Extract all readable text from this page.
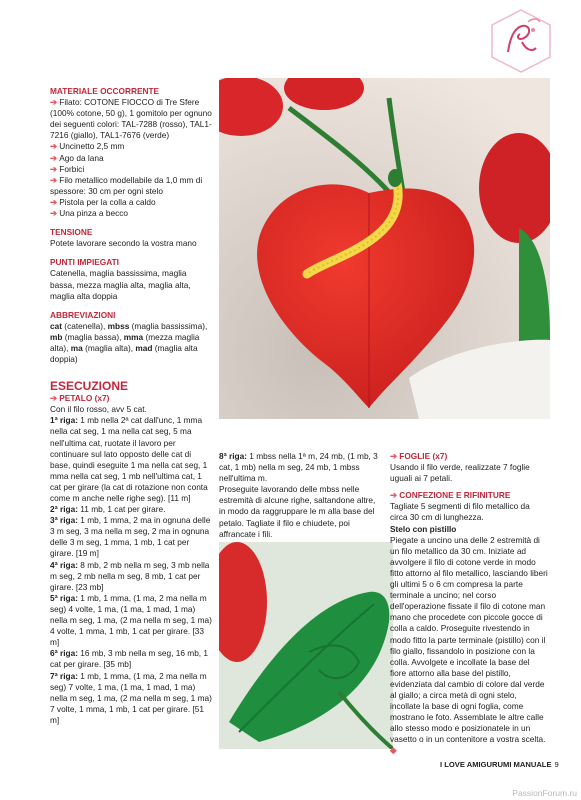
MATERIALE OCCORRENTE

➔ Filato: COTONE FIOCCO di Tre Sfere (100% cotone, 50 g), 1 gomitolo per ognuno dei seguenti colori: TAL-7288 (rosso), TAL1-7216 (giallo), TAL1-7676 (verde)

➔ Uncinetto 2,5 mm

➔ Ago da lana

➔ Forbici

➔ Filo metallico modellabile da 1,0 mm di spessore: 30 cm per ogni stelo

➔ Pistola per la colla a caldo

➔ Una pinza a becco

TENSIONE

Potete lavorare secondo la vostra mano

PUNTI IMPIEGATI

Catenella, maglia bassissima, maglia bassa, mezza maglia alta, maglia alta, maglia alta doppia

ABBREVIAZIONI

cat (catenella), mbss (maglia bassissima), mb (maglia bassa), mma (mezza maglia alta), ma (maglia alta), mad (maglia alta doppia)

ESECUZIONE

➔ PETALO (x7)

Con il filo rosso, avv 5 cat.

1ª riga: 1 mb nella 2ª cat dall'unc, 1 mma nella cat seg, 1 ma nella cat seg, 5 ma nell'ultima cat, ruotate il lavoro per continuare sul lato opposto delle cat di base, quindi eseguite 1 ma nella cat seg, 1 mma nella cat seg, 1 mb nell'ultima cat, 1 cat per girare (la cat di rotazione non conta come m anche nelle righe seg). [11 m]

2ª riga: 11 mb, 1 cat per girare.

3ª riga: 1 mb, 1 mma, 2 ma in ognuna delle 3 m seg, 3 ma nella m seg, 2 ma in ognuna delle 3 m seg, 1 mma, 1 mb, 1 cat per girare. [19 m]

4ª riga: 8 mb, 2 mb nella m seg, 3 mb nella m seg, 2 mb nella m seg, 8 mb, 1 cat per girare. [23 mb]

5ª riga: 1 mb, 1 mma, (1 ma, 2 ma nella m seg) 4 volte, 1 ma, (1 ma, 1 mad, 1 ma) nella m seg, 1 ma, (2 ma nella m seg, 1 ma) 4 volte, 1 mma, 1 mb, 1 cat per girare. [33 m]

6ª riga: 16 mb, 3 mb nella m seg, 16 mb, 1 cat per girare. [35 mb]

7ª riga: 1 mb, 1 mma, (1 ma, 2 ma nella m seg) 7 volte, 1 ma, (1 ma, 1 mad, 1 ma) nella m seg, 1 ma, (2 ma nella m seg, 1 ma) 7 volte, 1 mma, 1 mb, 1 cat per girare. [51 m]

8ª riga: 1 mbss nella 1ª m, 24 mb, (1 mb, 3 cat, 1 mb) nella m seg, 24 mb, 1 mbss nell'ultima m.

Proseguite lavorando delle mbss nelle estremità di alcune righe, saltandone altre, in modo da raggruppare le m alla base del petalo. Tagliate il filo e chiudete, poi affrancate i fili.

➔ FOGLIE (x7)

Usando il filo verde, realizzate 7 foglie uguali ai 7 petali.

➔ CONFEZIONE E RIFINITURE

Tagliate 5 segmenti di filo metallico da circa 30 cm di lunghezza.

Stelo con pistillo

Piegate a uncino una delle 2 estremità di un filo metallico da 30 cm. Iniziate ad avvolgere il filo di cotone verde in modo fitto attorno al filo metallico, lasciando liberi gli ultimi 5 o 6 cm compresa la parte terminale a uncino; nel corso dell'operazione fissate il filo di cotone man mano che procedete con piccole gocce di colla a caldo. Proseguite rivestendo in modo fitto la parte terminale (pistillo) con il filo giallo, fissandolo in posizione con la colla. Avvolgete e incollate la base del fiore attorno alla base del pistillo, evidenziata dal cambio di colore dal verde al giallo; a circa metà di ogni stelo, incollate la base di ogni foglia, come mostrano le foto. Assemblate le altre calle allo stesso modo e posizionatele in un vasetto o in un contenitore a vostra scelta. ◆

I LOVE AMIGURUMI MANUALE 9
PassionForum.ru
